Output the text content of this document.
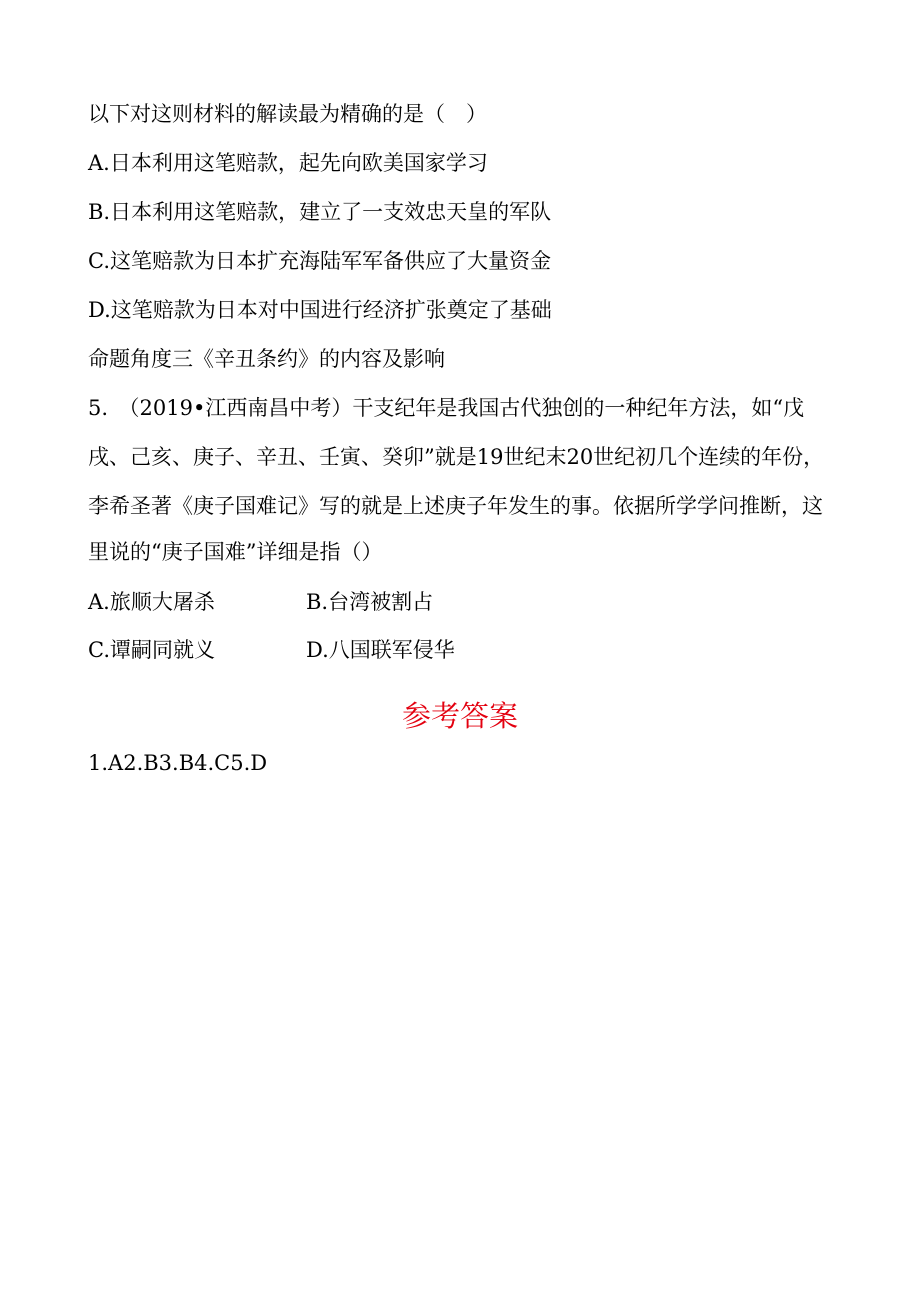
以下对这则材料的解读最为精确的是（　）
A.日本利用这笔赔款，起先向欧美国家学习
B.日本利用这笔赔款，建立了一支效忠天皇的军队
C.这笔赔款为日本扩充海陆军军备供应了大量资金
D.这笔赔款为日本对中国进行经济扩张奠定了基础
命题角度三《辛丑条约》的内容及影响
5.　（2019•江西南昌中考）干支纪年是我国古代独创的一种纪年方法，如“戊
戌、己亥、庚子、辛丑、壬寅、癸卯”就是19世纪末20世纪初几个连续的年份，
李希圣著《庚子国难记》写的就是上述庚子年发生的事。依据所学学问推断，这
里说的“庚子国难”详细是指（）
A.旅顺大屠杀	B.台湾被割占
C.谭嗣同就义	D.八国联军侵华
参考答案
1.A2.B3.B4.C5.D
